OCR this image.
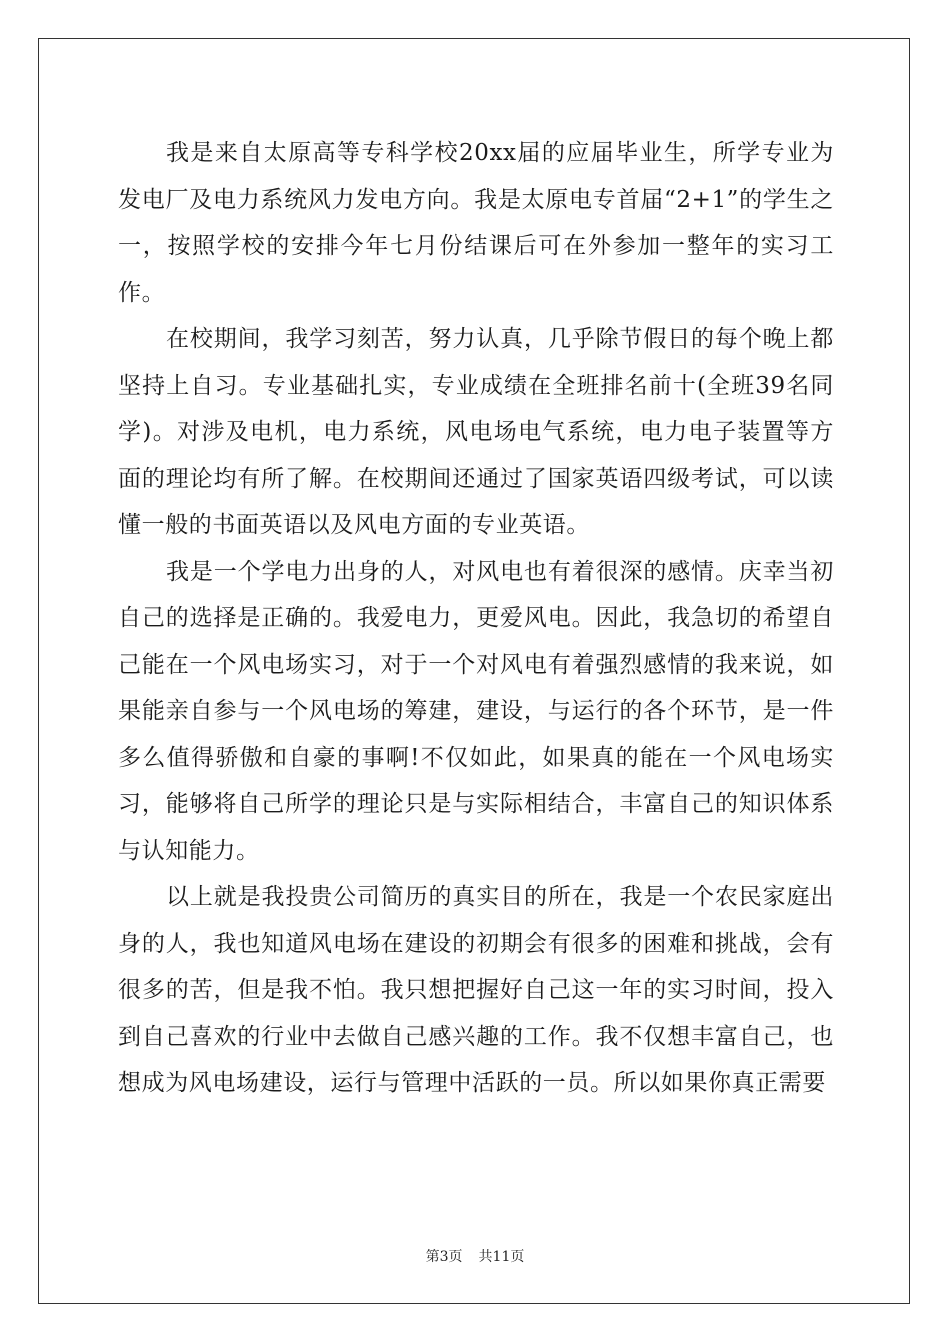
我是来自太原高等专科学校20xx届的应届毕业生，所学专业为发电厂及电力系统风力发电方向。我是太原电专首届“2+1”的学生之一，按照学校的安排今年七月份结课后可在外参加一整年的实习工作。

在校期间，我学习刻苦，努力认真，几乎除节假日的每个晚上都坚持上自习。专业基础扎实，专业成绩在全班排名前十(全班39名同学)。对涉及电机，电力系统，风电场电气系统，电力电子装置等方面的理论均有所了解。在校期间还通过了国家英语四级考试，可以读懂一般的书面英语以及风电方面的专业英语。

我是一个学电力出身的人，对风电也有着很深的感情。庆幸当初自己的选择是正确的。我爱电力，更爱风电。因此，我急切的希望自己能在一个风电场实习，对于一个对风电有着强烈感情的我来说，如果能亲自参与一个风电场的筹建，建设，与运行的各个环节，是一件多么值得骄傲和自豪的事啊!不仅如此，如果真的能在一个风电场实习，能够将自己所学的理论只是与实际相结合，丰富自己的知识体系与认知能力。

以上就是我投贵公司简历的真实目的所在，我是一个农民家庭出身的人，我也知道风电场在建设的初期会有很多的困难和挑战，会有很多的苦，但是我不怕。我只想把握好自己这一年的实习时间，投入到自己喜欢的行业中去做自己感兴趣的工作。我不仅想丰富自己，也想成为风电场建设，运行与管理中活跃的一员。所以如果你真正需要

第3页 共11页
